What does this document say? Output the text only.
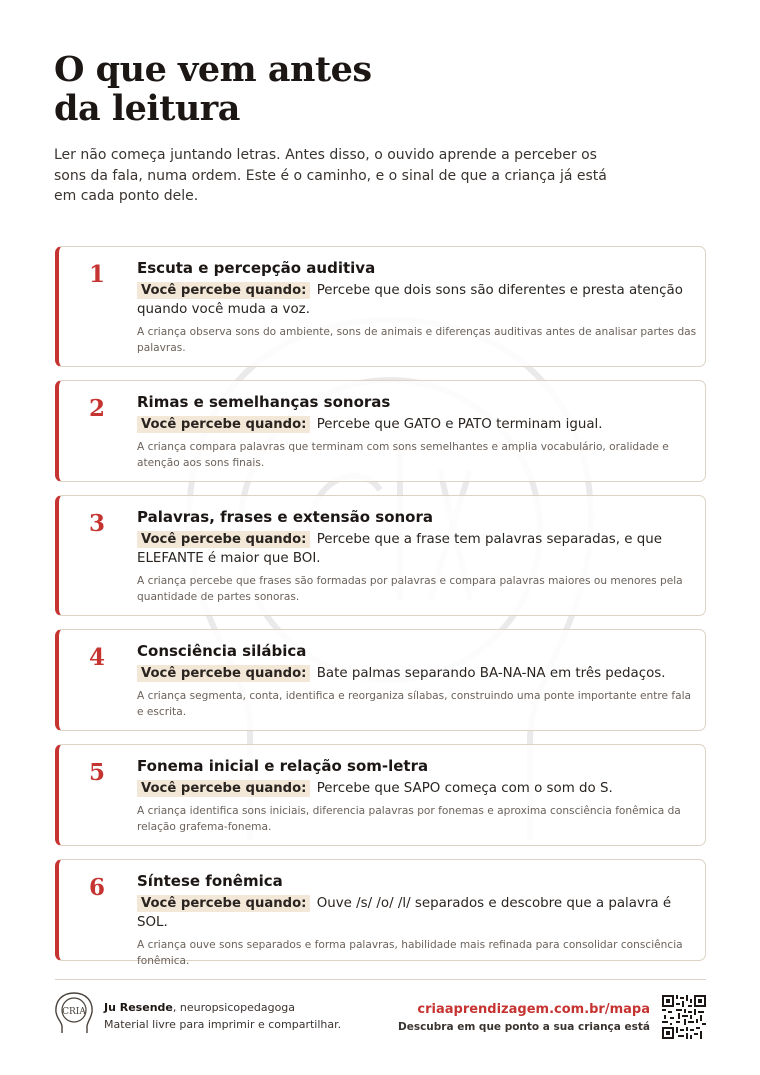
O que vem antes
da leitura

Ler não começa juntando letras. Antes disso, o ouvido aprende a perceber os sons da fala, numa ordem. Este é o caminho, e o sinal de que a criança já está em cada ponto dele.

1 Escuta e percepção auditiva
Você percebe quando: Percebe que dois sons são diferentes e presta atenção quando você muda a voz.
A criança observa sons do ambiente, sons de animais e diferenças auditivas antes de analisar partes das palavras.
2 Rimas e semelhanças sonoras
Você percebe quando: Percebe que GATO e PATO terminam igual.
A criança compara palavras que terminam com sons semelhantes e amplia vocabulário, oralidade e atenção aos sons finais.
3 Palavras, frases e extensão sonora
Você percebe quando: Percebe que a frase tem palavras separadas, e que ELEFANTE é maior que BOI.
A criança percebe que frases são formadas por palavras e compara palavras maiores ou menores pela quantidade de partes sonoras.
4 Consciência silábica
Você percebe quando: Bate palmas separando BA-NA-NA em três pedaços.
A criança segmenta, conta, identifica e reorganiza sílabas, construindo uma ponte importante entre fala e escrita.
5 Fonema inicial e relação som-letra
Você percebe quando: Percebe que SAPO começa com o som do S.
A criança identifica sons iniciais, diferencia palavras por fonemas e aproxima consciência fonêmica da relação grafema-fonema.
6 Síntese fonêmica
Você percebe quando: Ouve /s/ /o/ /l/ separados e descobre que a palavra é SOL.
A criança ouve sons separados e forma palavras, habilidade mais refinada para consolidar consciência fonêmica.
CRIA Ju Resende, neuropsicopedagoga
Material livre para imprimir e compartilhar.
criaaprendizagem.com.br/mapa
Descubra em que ponto a sua criança está
